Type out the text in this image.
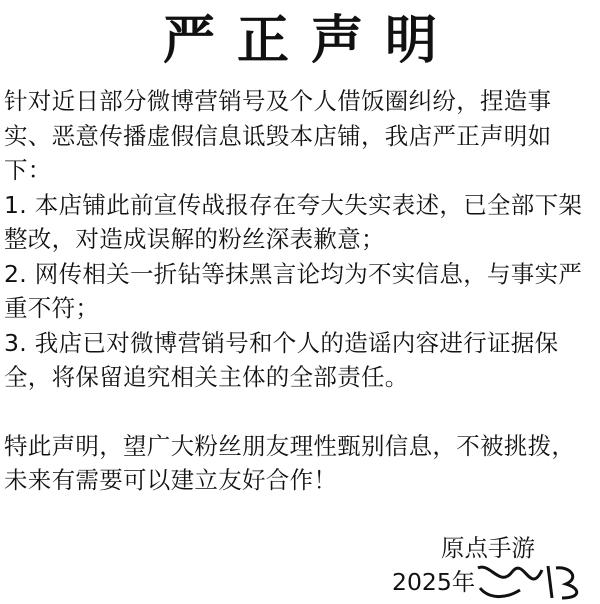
严正声明

针对近日部分微博营销号及个人借饭圈纠纷，捏造事实、恶意传播虚假信息诋毁本店铺，我店严正声明如下：

1. 本店铺此前宣传战报存在夸大失实表述，已全部下架整改，对造成误解的粉丝深表歉意；

2. 网传相关一折钻等抹黑言论均为不实信息，与事实严重不符；

3. 我店已对微博营销号和个人的造谣内容进行证据保全，将保留追究相关主体的全部责任。

特此声明，望广大粉丝朋友理性甄别信息，不被挑拨，未来有需要可以建立友好合作！

原点手游
2025年
